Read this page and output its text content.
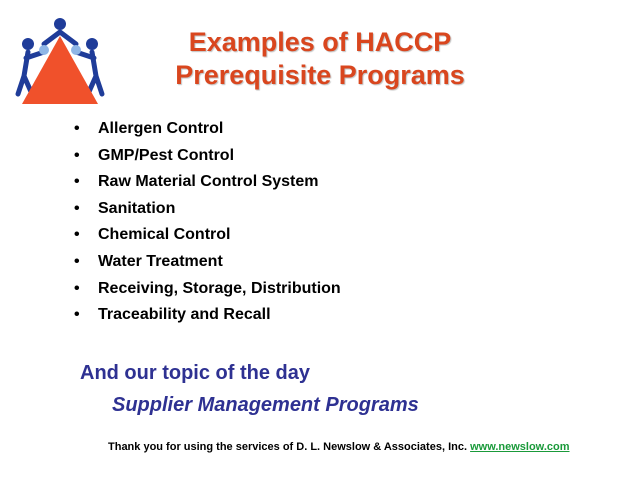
Examples of HACCP
Prerequisite Programs
• Allergen Control
• GMP/Pest Control
• Raw Material Control System
• Sanitation
• Chemical Control
• Water Treatment
• Receiving, Storage, Distribution
• Traceability and Recall
And our topic of the day
Supplier Management Programs
Thank you for using the services of D. L. Newslow & Associates, Inc. www.newslow.com
